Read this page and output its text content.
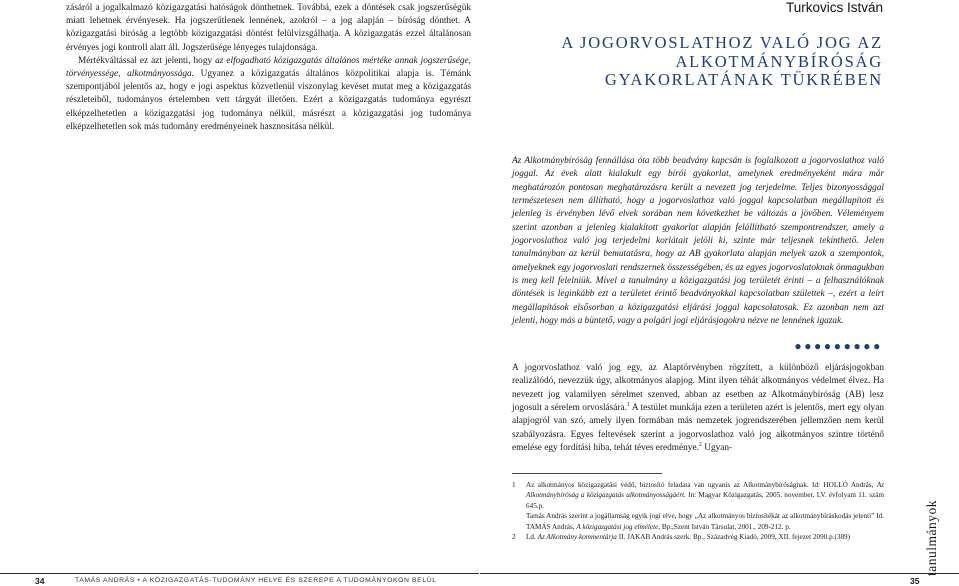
zásáról a jogalkalmazó közigazgatási hatóságok dönthetnek. Továbbá, ezek a döntések csak jogszerűségük miatt lehetnek érvényesek. Ha jogszerűtlenek lennének, azokról – a jog alapján – bíróság dönthet. A közigazgatási bíróság a legtöbb közigazgatási döntést felülvizsgálhatja. A közigazgatás ezzel általánosan érvényes jogi kontroll alatt áll. Jogszerűsége lényeges tulajdonsága.

Mértékváltással ez azt jelenti, hogy az elfogadható közigazgatás általános mértéke annak jogszerűsége, törvényessége, alkotmányossága. Ugyanez a közigazgatás általános közpolitikai alapja is. Témánk szempontjából jelentős az, hogy e jogi aspektus közvetlenül viszonylag kevéset mutat meg a közigazgatás részleteiből, tudományos értelemben vett tárgyát illetően. Ezért a közigazgatás tudománya egyrészt elképzelhetetlen a közigazgatási jog tudománya nélkül, másrészt a közigazgatási jog tudománya elképzelhetetlen sok más tudomány eredményeinek hasznosítása nélkül.

34	TAMÁS ANDRÁS • A KÖZIGAZGATÁS-TUDOMÁNY HELYE ÉS SZEREPE A TUDOMÁNYOKON BELÜL
Turkovics István
A JOGORVOSLATHOZ VALÓ JOG AZ ALKOTMÁNYBÍRÓSÁG GYAKORLATÁNAK TÜKRÉBEN
Az Alkotmánybíróság fennállása óta több beadvány kapcsán is foglalkozott a jogorvoslathoz való joggal. Az évek alatt kialakult egy bírói gyakorlat, amelynek eredményeként mára már meghatározón pontosan meghatározásra került a nevezett jog terjedelme. Teljes bizonyossággal természetesen nem állítható, hogy a jogorvoslathoz való joggal kapcsolatban megállapított és jelenleg is érvényben lévő elvek sorában nem következhet be változás a jövőben. Véleményem szerint azonban a jelenleg kialakított gyakorlat alapján felállítható szempontrendszer, amely a jogorvoslathoz való jog terjedelmi korlátait jelöli ki, szinte már teljesnek tekinthető. Jelen tanulmányban az kerül bemutatásra, hogy az AB gyakorlata alapján melyek azok a szempontok, amelyeknek egy jogorvoslati rendszernek összességében, és az egyes jogorvoslatoknak önmagukban is meg kell felelniük. Mivel a tanulmány a közigazgatási jog területét érinti – a felhasználóknak döntések is leginkább ezt a területet érintő beadványokkal kapcsolatban születtek –, ezért a leírt megállapítások elsősorban a közigazgatási eljárási joggal kapcsolatosak. Ez azonban nem azt jelenti, hogy más a büntető, vagy a polgári jogi eljárásjogokra nézve ne lennének igazak.
●●●●●●●●●

A jogorvoslathoz való jog egy, az Alaptörvényben rögzített, a különböző eljárásjogokban realizálódó, nevezzük úgy, alkotmányos alapjog. Mint ilyen téhát alkotmányos védelmet élvez. Ha nevezett jog valamilyen sérelmet szenved, abban az esetben az Alkotmánybíróság (AB) lesz jogosult a sérelem orvoslására.$^1$ A testület munkája ezen a területen azért is jelentős, mert egy olyan alapjogról van szó, amely ilyen formában más nemzetek jogrendszerében jellemzően nem kerül szabályozásra. Egyes feltevések szerint a jogorvoslathoz való jog alkotmányos szintre történő emelése egy fordítási hiba, tehát téves eredménye.$^2$ Ugyan-

1 Az alkotmányos közigazgatási védő, biztosító feladata van ugyanis az Alkotmánybíróságnak. Id: HOLLÓ András, Az Alkotmánybíróság a közigazgatás alkotmányosságáért. In: Magyar Közigazgatás, 2005. november, LV. évfolyam 11. szám 645.p.
Tamás András szerint a jogállamság egyik jogi elve, hogy „Az alkotmányos biztosítékát az alkotmánybíráskodás jelenti” Id. TAMÁS András, A közigazgatási jog elmélete, Bp.,Szent István Társulat, 2001., 209-212. p.
2 Ld. Az Alkotmány kommentárja II. JAKAB András szerk. Bp., Századvég Kiadó, 2009, XII. fejezet 2090.p.(389)	tanulmányok
35
